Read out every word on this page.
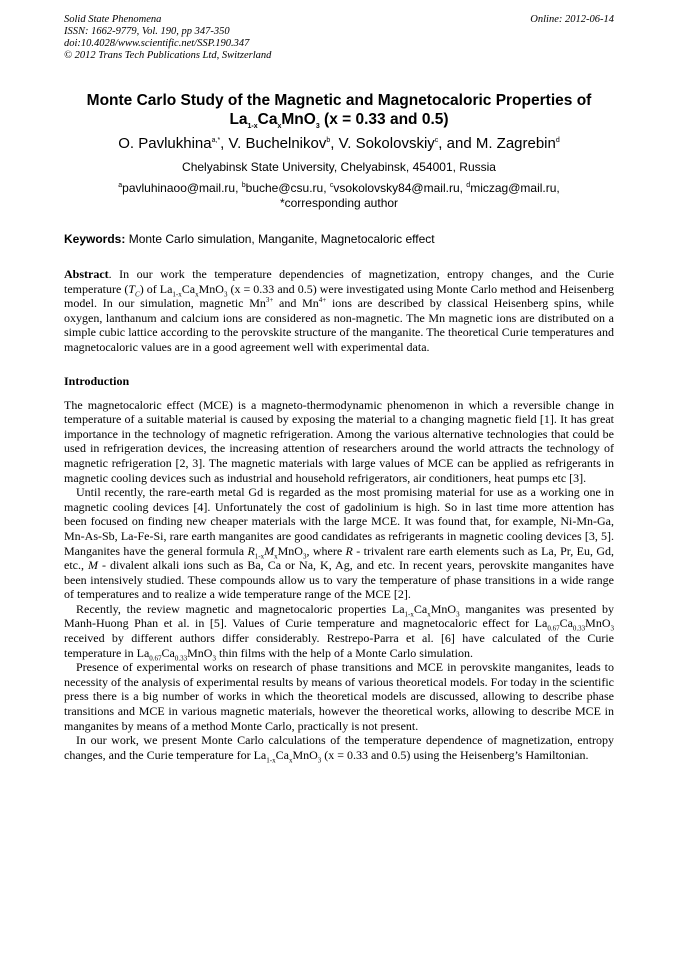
Solid State Phenomena
ISSN: 1662-9779, Vol. 190, pp 347-350
doi:10.4028/www.scientific.net/SSP.190.347
© 2012 Trans Tech Publications Ltd, Switzerland
Online: 2012-06-14
Monte Carlo Study of the Magnetic and Magnetocaloric Properties of
$La_{1-x}Ca_xMnO_3$ (x = 0.33 and 0.5)
O. Pavlukhina$^{a,*}$, V. Buchelnikov$^b$, V. Sokolovskiy$^c$, and M. Zagrebin$^d$
Chelyabinsk State University, Chelyabinsk, 454001, Russia
$^a$pavluhinaoo@mail.ru, $^b$buche@csu.ru, $^c$vsokolovsky84@mail.ru, $^d$miczag@mail.ru,
*corresponding author
Keywords: Monte Carlo simulation, Manganite, Magnetocaloric effect

Abstract. In our work the temperature dependencies of magnetization, entropy changes, and the Curie temperature $(T_C)$ of $La_{1-x}Ca_xMnO_3$ (x = 0.33 and 0.5) were investigated using Monte Carlo method and Heisenberg model. In our simulation, magnetic $Mn^{3+}$ and $Mn^{4+}$ ions are described by classical Heisenberg spins, while oxygen, lanthanum and calcium ions are considered as non-magnetic. The Mn magnetic ions are distributed on a simple cubic lattice according to the perovskite structure of the manganite. The theoretical Curie temperatures and magnetocaloric values are in a good agreement well with experimental data.

Introduction

The magnetocaloric effect (MCE) is a magneto-thermodynamic phenomenon in which a reversible change in temperature of a suitable material is caused by exposing the material to a changing magnetic field [1]. It has great importance in the technology of magnetic refrigeration. Among the various alternative technologies that could be used in refrigeration devices, the increasing attention of researchers around the world attracts the technology of magnetic refrigeration [2, 3]. The magnetic materials with large values of MCE can be applied as refrigerants in magnetic cooling devices such as industrial and household refrigerators, air conditioners, heat pumps etc [3].

Until recently, the rare-earth metal Gd is regarded as the most promising material for use as a working one in magnetic cooling devices [4]. Unfortunately the cost of gadolinium is high. So in last time more attention has been focused on finding new cheaper materials with the large MCE. It was found that, for example, Ni-Mn-Ga, Mn-As-Sb, La-Fe-Si, rare earth manganites are good candidates as refrigerants in magnetic cooling devices [3, 5]. Manganites have the general formula $R_{1-x}M_xMnO_3$, where R - trivalent rare earth elements such as La, Pr, Eu, Gd, etc., M - divalent alkali ions such as Ba, Ca or Na, K, Ag, and etc. In recent years, perovskite manganites have been intensively studied. These compounds allow us to vary the temperature of phase transitions in a wide range of temperatures and to realize a wide temperature range of the MCE [2].

Recently, the review magnetic and magnetocaloric properties $La_{1-x}Ca_xMnO_3$ manganites was presented by Manh-Huong Phan et al. in [5]. Values of Curie temperature and magnetocaloric effect for $La_{0.67}Ca_{0.33}MnO_3$ received by different authors differ considerably. Restrepo-Parra et al. [6] have calculated of the Curie temperature in $La_{0.67}Ca_{0.33}MnO_3$ thin films with the help of a Monte Carlo simulation.

Presence of experimental works on research of phase transitions and MCE in perovskite manganites, leads to necessity of the analysis of experimental results by means of various theoretical models. For today in the scientific press there is a big number of works in which the theoretical models are discussed, allowing to describe phase transitions and MCE in various magnetic materials, however the theoretical works, allowing to describe MCE in manganites by means of a method Monte Carlo, practically is not present.

In our work, we present Monte Carlo calculations of the temperature dependence of magnetization, entropy changes, and the Curie temperature for $La_{1-x}Ca_xMnO_3$ (x = 0.33 and 0.5) using the Heisenberg’s Hamiltonian.
